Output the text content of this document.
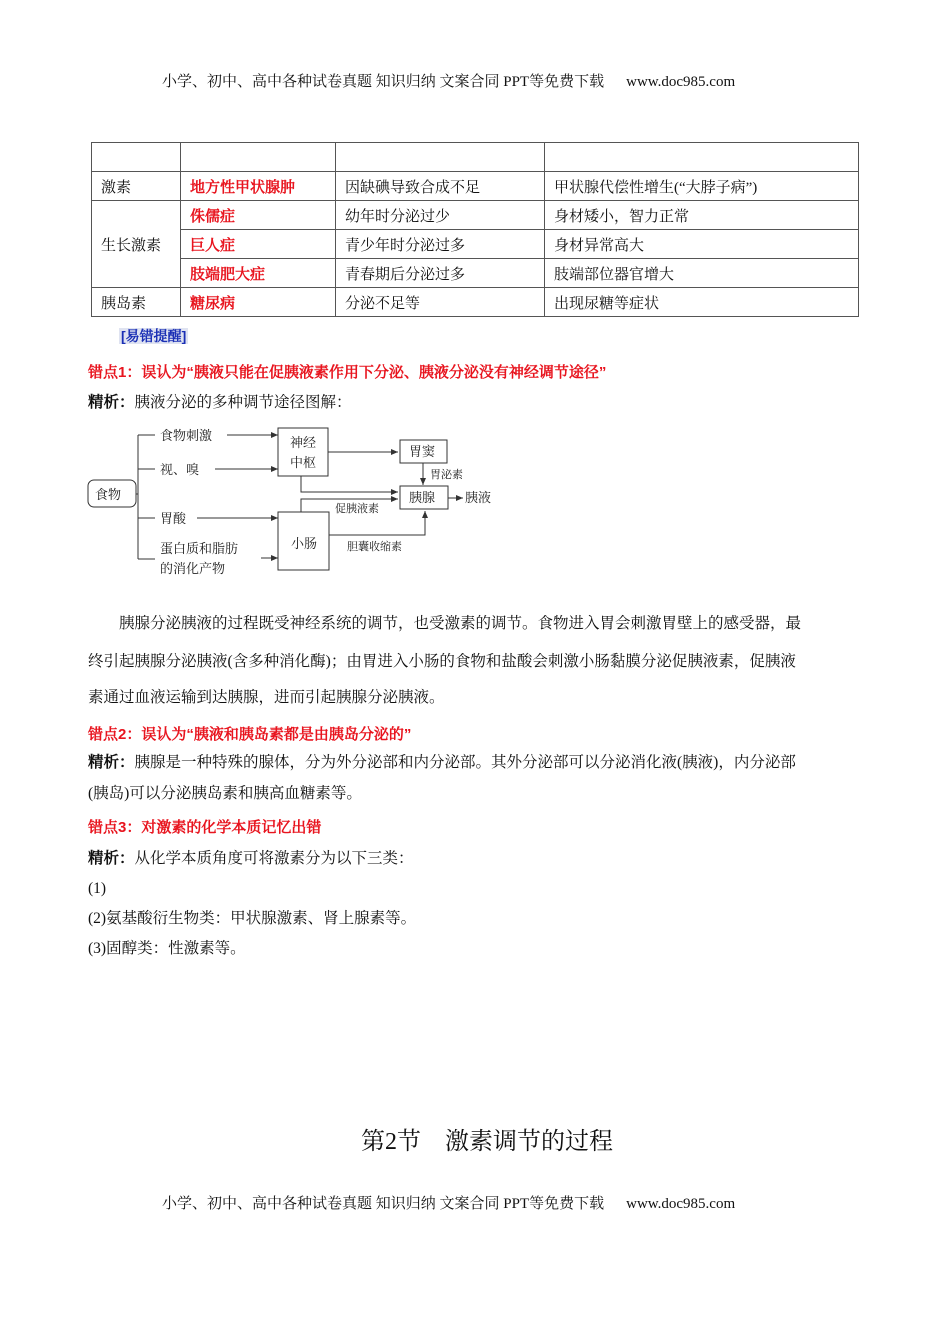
小学、初中、高中各种试卷真题 知识归纳 文案合同 PPT等免费下载 www.doc985.com

激素	地方性甲状腺肿	因缺碘导致合成不足	甲状腺代偿性增生(“大脖子病”)
生长激素	侏儒症	幼年时分泌过少	身材矮小，智力正常
	巨人症	青少年时分泌过多	身材异常高大
	肢端肥大症	青春期后分泌过多	肢端部位器官增大
胰岛素	糖尿病	分泌不足等	出现尿糖等症状
[易错提醒]
错点1：误认为“胰液只能在促胰液素作用下分泌、胰液分泌没有神经调节途径”
精析：胰液分泌的多种调节途径图解：
食物
食物刺激
视、嗅
胃酸
蛋白质和脂肪
的消化产物
神经
中枢
胃窦
胃泌素
胰腺 胰液
促胰液素
小肠	胆囊收缩素
胰腺分泌胰液的过程既受神经系统的调节，也受激素的调节。食物进入胃会刺激胃壁上的感受器，最
终引起胰腺分泌胰液(含多种消化酶)；由胃进入小肠的食物和盐酸会刺激小肠黏膜分泌促胰液素，促胰液
素通过血液运输到达胰腺，进而引起胰腺分泌胰液。
错点2：误认为“胰液和胰岛素都是由胰岛分泌的”
精析：胰腺是一种特殊的腺体，分为外分泌部和内分泌部。其外分泌部可以分泌消化液(胰液)，内分泌部
(胰岛)可以分泌胰岛素和胰高血糖素等。
错点3：对激素的化学本质记忆出错
精析：从化学本质角度可将激素分为以下三类：
(1)
(2)氨基酸衍生物类：甲状腺激素、肾上腺素等。
(3)固醇类：性激素等。
第2节    激素调节的过程
小学、初中、高中各种试卷真题 知识归纳 文案合同 PPT等免费下载 www.doc985.com
